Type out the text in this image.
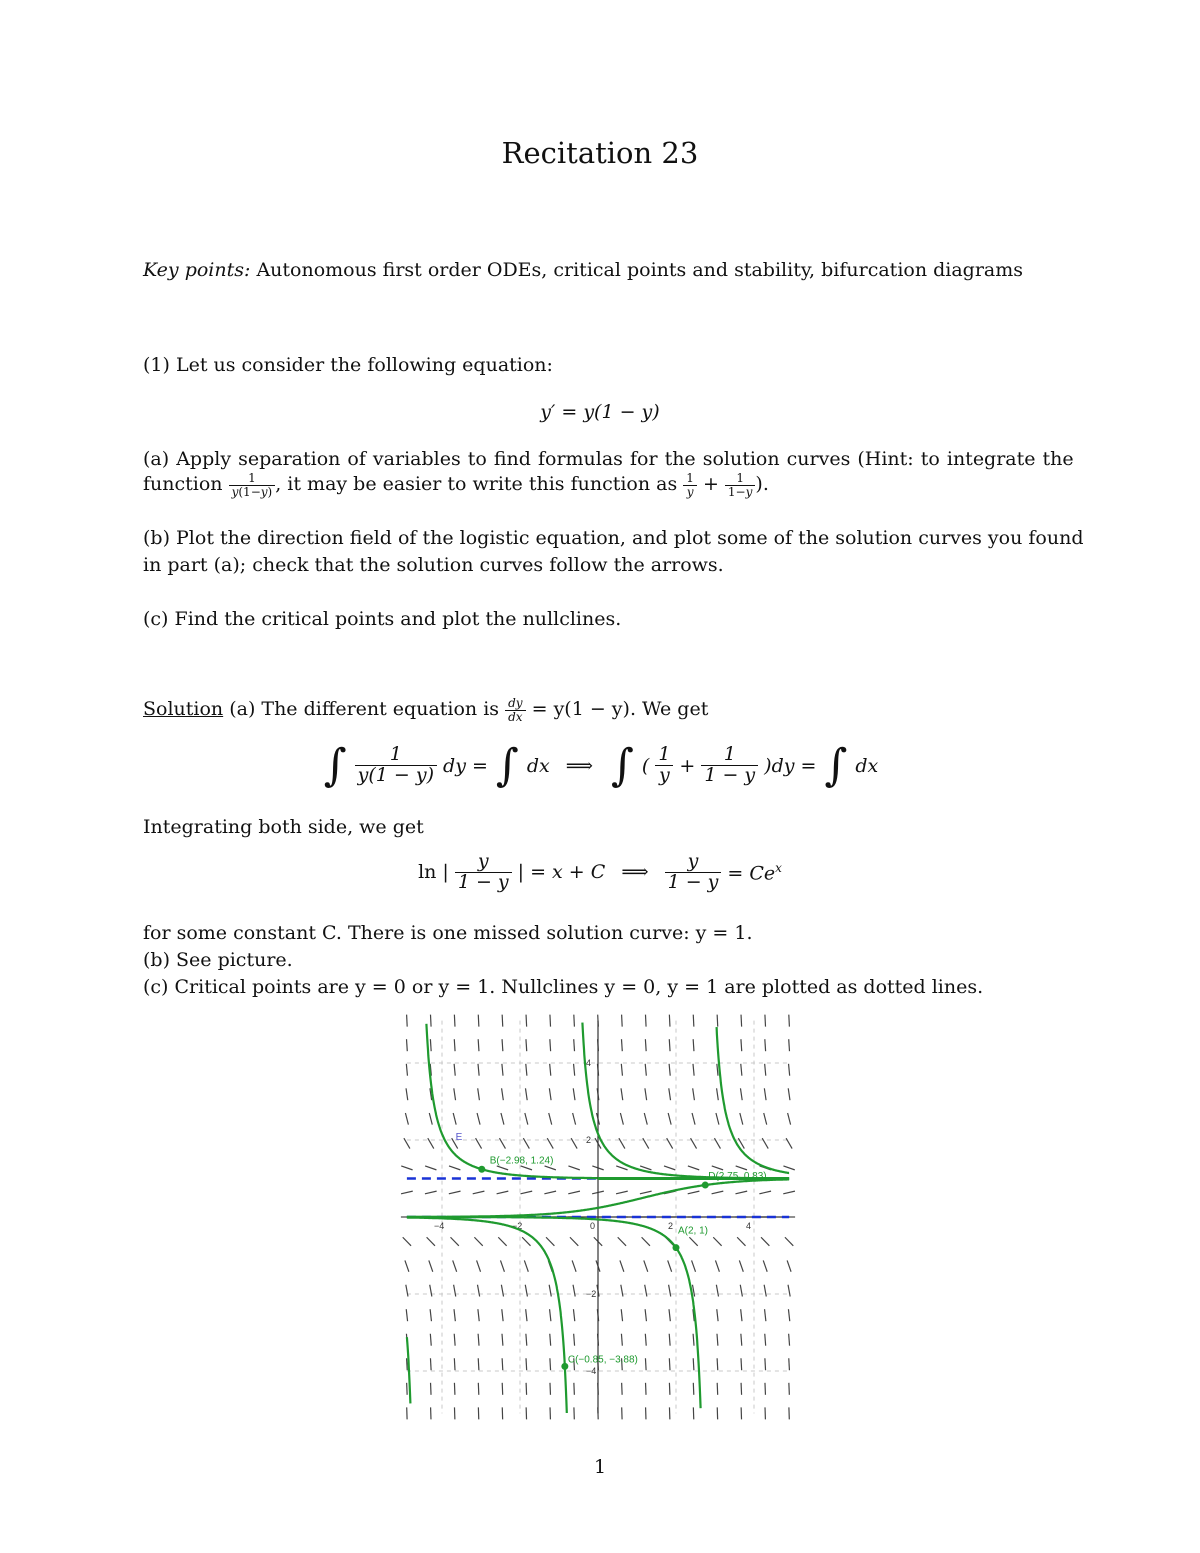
Recitation 23
Key points: Autonomous first order ODEs, critical points and stability, bifurcation diagrams
(1) Let us consider the following equation:
y′ = y(1 − y)
(a) Apply separation of variables to find formulas for the solution curves (Hint: to integrate the
function $\frac{1}{y(1-y)}$ , it may be easier to write this function as $\frac{1}{y} + \frac{1}{1-y}$ ).
(b) Plot the direction field of the logistic equation, and plot some of the solution curves you found
in part (a); check that the solution curves follow the arrows.
(c) Find the critical points and plot the nullclines.
Solution (a) The different equation is $\frac{dy}{dx} = y(1 - y)$. We get
∫ $\frac{1}{y(1 - y)}$ dy = ∫ dx ⟹ ∫ ( $\frac{1}{y} + \frac{1}{1 - y} )dy$ = ∫ dx
Integrating both side, we get
ln | $\frac{y}{1 - y}$ | = x + C ⟹ $\frac{y}{1 - y} = Ce^x$
for some constant C. There is one missed solution curve: y = 1.
(b) See picture.
(c) Critical points are y = 0 or y = 1. Nullclines y = 0, y = 1 are plotted as dotted lines.
−4	−2	0	2	4
4
2
−2
−4
B(−2.98, 1.24)
D(2.75, 0.83)
A(2, 1)
C(−0.85, −3.88)
E
1
